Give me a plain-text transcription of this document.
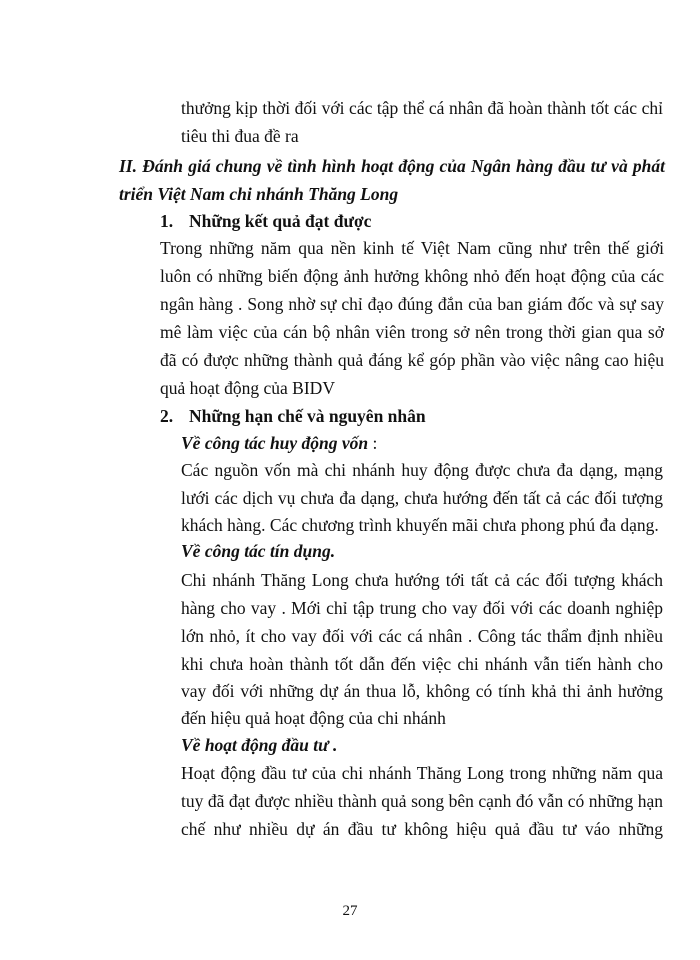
thưởng kịp thời đối với các tập thể cá nhân đã hoàn thành tốt các chỉ
tiêu thi đua đề ra
II. Đánh giá chung về tình hình hoạt động của Ngân hàng đầu tư và phát
triển Việt Nam chi nhánh Thăng Long
1. Những kết quả đạt được
Trong những năm qua nền kinh tế Việt Nam cũng như trên thế giới
luôn có những biến động ảnh hưởng không nhỏ đến hoạt động của các
ngân hàng . Song nhờ sự chỉ đạo đúng đắn của ban giám đốc và sự say
mê làm việc của cán bộ nhân viên trong sở nên trong thời gian qua sở
đã có được những thành quả đáng kể góp phần vào việc nâng cao hiệu
quả hoạt động của BIDV
2. Những hạn chế và nguyên nhân
Về công tác huy động vốn :
Các nguồn vốn mà chi nhánh huy động được chưa đa dạng, mạng
lưới các dịch vụ chưa đa dạng, chưa hướng đến tất cả các đối tượng
khách hàng. Các chương trình khuyến mãi chưa phong phú đa dạng.
Về công tác tín dụng.
Chi nhánh Thăng Long chưa hướng tới tất cả các đối tượng khách
hàng cho vay . Mới chỉ tập trung cho vay đối với các doanh nghiệp
lớn nhỏ, ít cho vay đối với các cá nhân . Công tác thẩm định nhiều
khi chưa hoàn thành tốt dẫn đến việc chi nhánh vẫn tiến hành cho
vay đối với những dự án thua lỗ, không có tính khả thi ảnh hưởng
đến hiệu quả hoạt động của chi nhánh
Về hoạt động đầu tư .
Hoạt động đầu tư của chi nhánh Thăng Long trong những năm qua
tuy đã đạt được nhiều thành quả song bên cạnh đó vẫn có những hạn
chế như nhiều dự án đầu tư không hiệu quả đầu tư váo những
27
